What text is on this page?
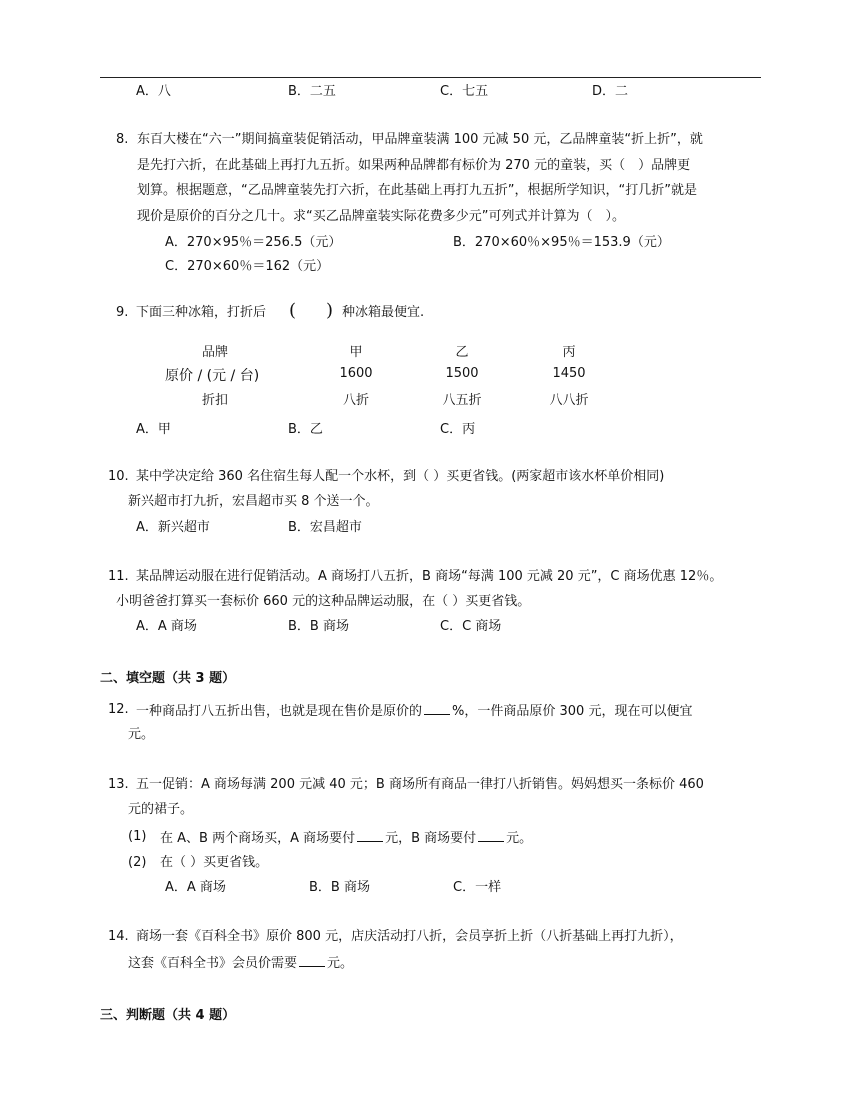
A．八	B．二五	C．七五	D．二
8. 东百大楼在“六一”期间搞童装促销活动，甲品牌童装满 100 元减 50 元，乙品牌童装“折上折”，就
是先打六折，在此基础上再打九五折。如果两种品牌都有标价为 270 元的童装，买（　）品牌更
划算。根据题意，“乙品牌童装先打六折，在此基础上再打九五折”，根据所学知识，“打几折”就是
现价是原价的百分之几十。求“买乙品牌童装实际花费多少元”可列式并计算为（　）。
A．270×95％＝256.5（元）	B．270×60％×95％＝153.9（元）
C．270×60％＝162（元）
9. 下面三种冰箱，打折后 ( ) 种冰箱最便宜.
品牌	甲	乙	丙
原价 / (元 / 台)	1600	1500	1450
折扣	八折	八五折	八八折
A．甲	B．乙	C．丙
10. 某中学决定给 360 名住宿生每人配一个水杯，到（ ）买更省钱。(两家超市该水杯单价相同)
新兴超市打九折，宏昌超市买 8 个送一个。
A．新兴超市	B．宏昌超市
11. 某品牌运动服在进行促销活动。A 商场打八五折，B 商场“每满 100 元减 20 元”，C 商场优惠 12％。
小明爸爸打算买一套标价 660 元的这种品牌运动服，在（ ）买更省钱。
A．A 商场	B．B 商场	C．C 商场
二、填空题（共 3 题）
12. 一种商品打八五折出售，也就是现在售价是原价的 %，一件商品原价 300 元，现在可以便宜
元。
13. 五一促销：A 商场每满 200 元减 40 元；B 商场所有商品一律打八折销售。妈妈想买一条标价 460
元的裙子。
(1) 在 A、B 两个商场买，A 商场要付 元，B 商场要付 元。
(2) 在（ ）买更省钱。
A．A 商场	B．B 商场	C．一样
14. 商场一套《百科全书》原价 800 元，店庆活动打八折，会员享折上折（八折基础上再打九折），
这套《百科全书》会员价需要 元。
三、判断题（共 4 题）
